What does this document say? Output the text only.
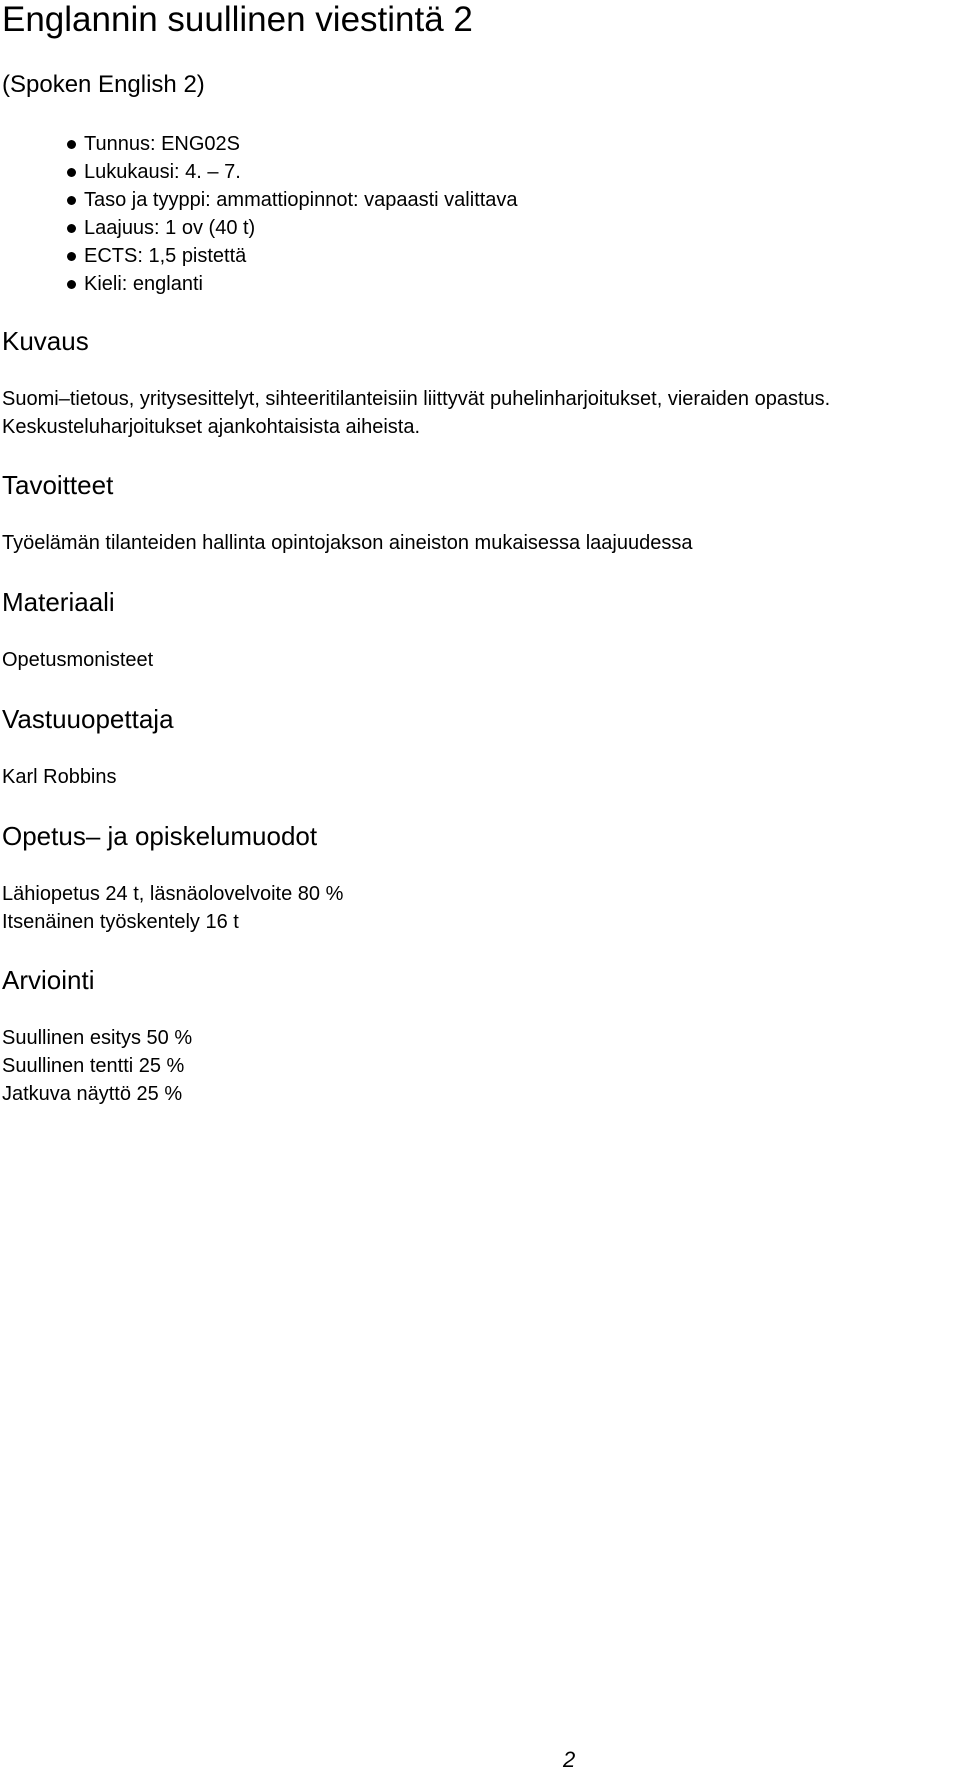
Englannin suullinen viestintä 2
(Spoken English 2)
Tunnus: ENG02S
Lukukausi: 4. – 7.
Taso ja tyyppi: ammattiopinnot: vapaasti valittava
Laajuus: 1 ov (40 t)
ECTS: 1,5 pistettä
Kieli: englanti
Kuvaus
Suomi–tietous, yritysesittelyt, sihteeritilanteisiin liittyvät puhelinharjoitukset, vieraiden opastus.
Keskusteluharjoitukset ajankohtaisista aiheista.
Tavoitteet
Työelämän tilanteiden hallinta opintojakson aineiston mukaisessa laajuudessa
Materiaali
Opetusmonisteet
Vastuuopettaja
Karl Robbins
Opetus– ja opiskelumuodot
Lähiopetus 24 t, läsnäolovelvoite 80 %
Itsenäinen työskentely 16 t
Arviointi
Suullinen esitys 50 %
Suullinen tentti 25 %
Jatkuva näyttö 25 %
2
